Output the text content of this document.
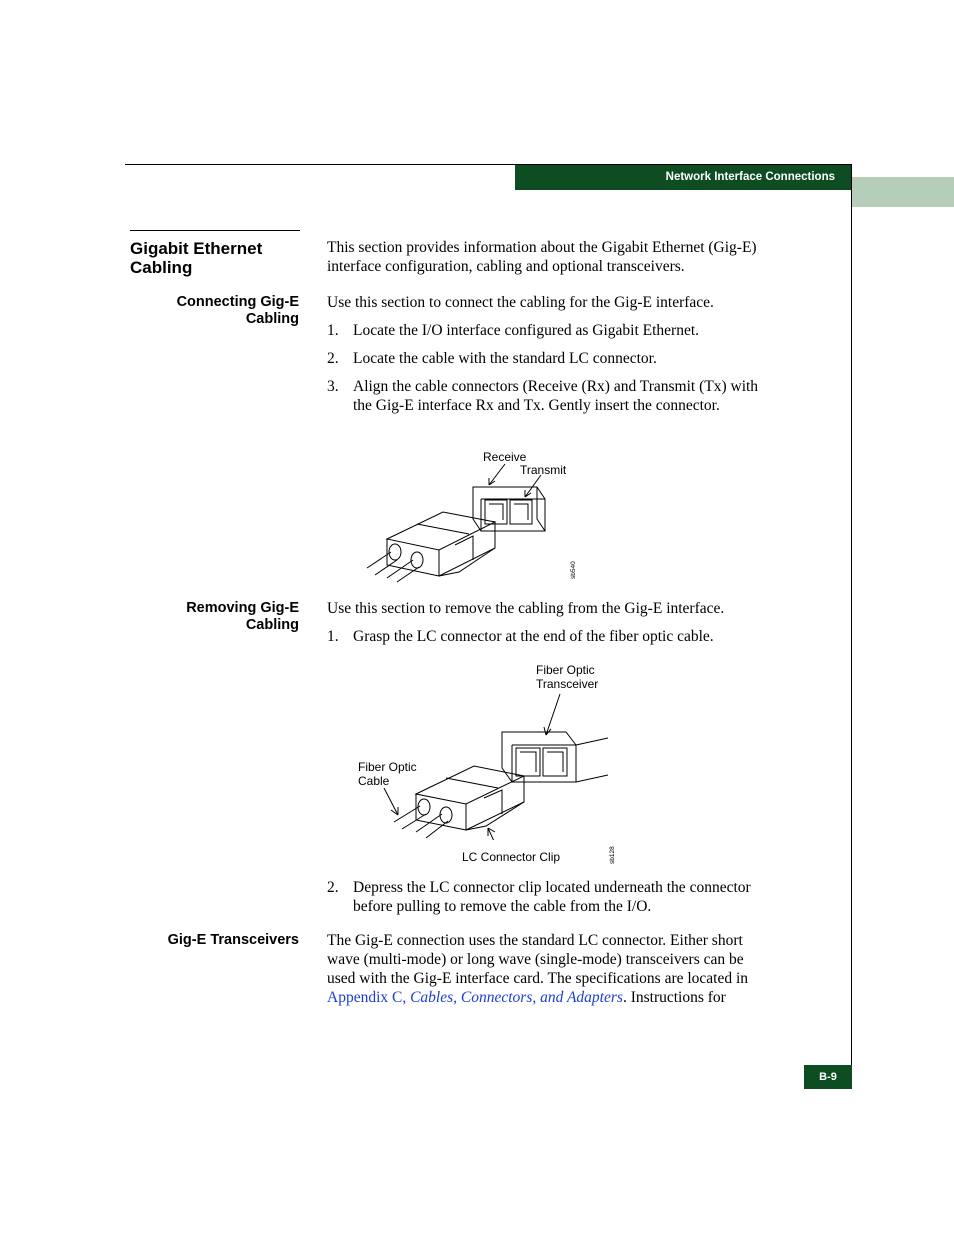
Network Interface Connections
Gigabit Ethernet
Cabling
This section provides information about the Gigabit Ethernet (Gig-E)
interface configuration, cabling and optional transceivers.
Connecting Gig-E
Cabling
Use this section to connect the cabling for the Gig-E interface.
1. Locate the I/O interface configured as Gigabit Ethernet.
2. Locate the cable with the standard LC connector.
3. Align the cable connectors (Receive (Rx) and Transmit (Tx) with
the Gig-E interface Rx and Tx. Gently insert the connector.
Receive
Transmit
sb540
Removing Gig-E
Cabling
Use this section to remove the cabling from the Gig-E interface.
1. Grasp the LC connector at the end of the fiber optic cable.
Fiber Optic
Transceiver
Fiber Optic
Cable
LC Connector Clip	sb128
2. Depress the LC connector clip located underneath the connector
before pulling to remove the cable from the I/O.
Gig-E Transceivers The Gig-E connection uses the standard LC connector. Either short
wave (multi-mode) or long wave (single-mode) transceivers can be
used with the Gig-E interface card. The specifications are located in
Appendix C, Cables, Connectors, and Adapters. Instructions for
B-9
